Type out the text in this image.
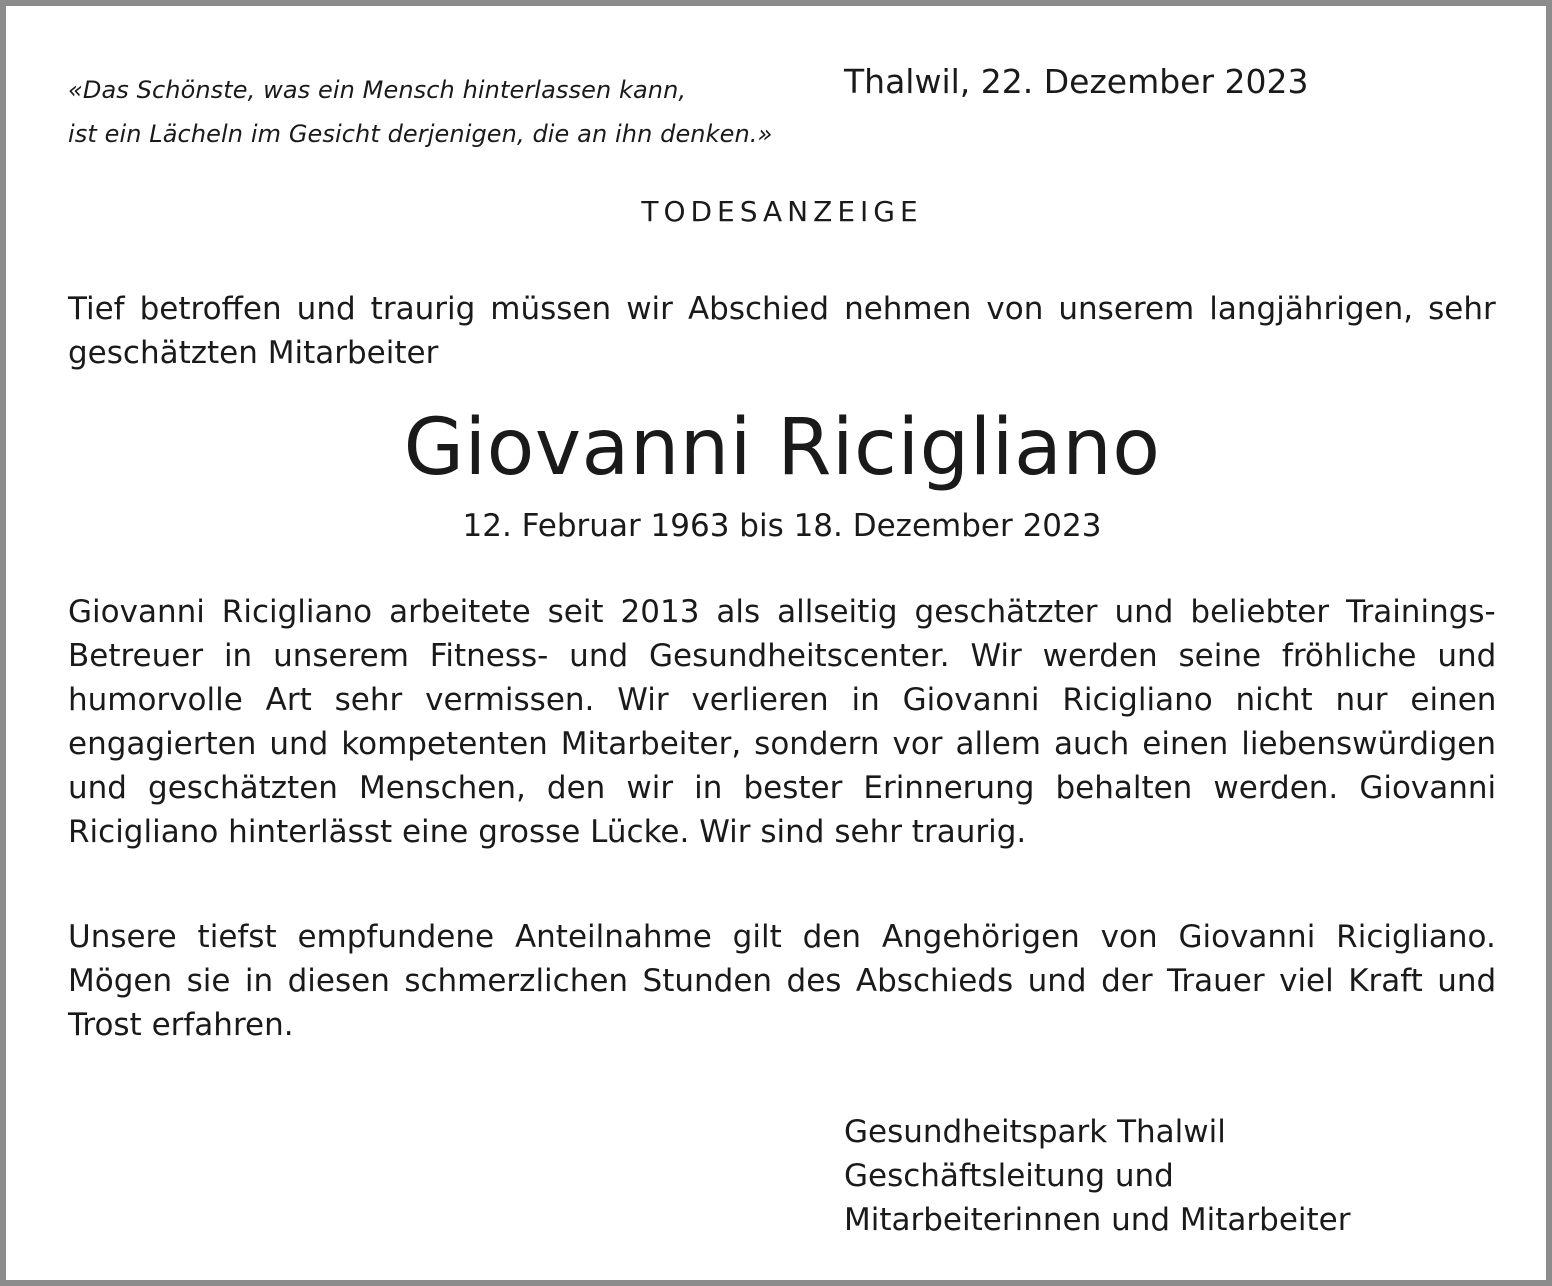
«Das Schönste, was ein Mensch hinterlassen kann,
ist ein Lächeln im Gesicht derjenigen, die an ihn denken.»
Thalwil, 22. Dezember 2023
TODESANZEIGE
Tief betroffen und traurig müssen wir Abschied nehmen von unserem langjährigen, sehr
geschätzten Mitarbeiter
Giovanni Ricigliano
12. Februar 1963 bis 18. Dezember 2023
Giovanni Ricigliano arbeitete seit 2013 als allseitig geschätzter und beliebter Trainings-
Betreuer in unserem Fitness- und Gesundheitscenter. Wir werden seine fröhliche und
humorvolle Art sehr vermissen. Wir verlieren in Giovanni Ricigliano nicht nur einen
engagierten und kompetenten Mitarbeiter, sondern vor allem auch einen liebenswürdigen
und geschätzten Menschen, den wir in bester Erinnerung behalten werden. Giovanni
Ricigliano hinterlässt eine grosse Lücke. Wir sind sehr traurig.
Unsere tiefst empfundene Anteilnahme gilt den Angehörigen von Giovanni Ricigliano.
Mögen sie in diesen schmerzlichen Stunden des Abschieds und der Trauer viel Kraft und
Trost erfahren.
Gesundheitspark Thalwil
Geschäftsleitung und
Mitarbeiterinnen und Mitarbeiter
